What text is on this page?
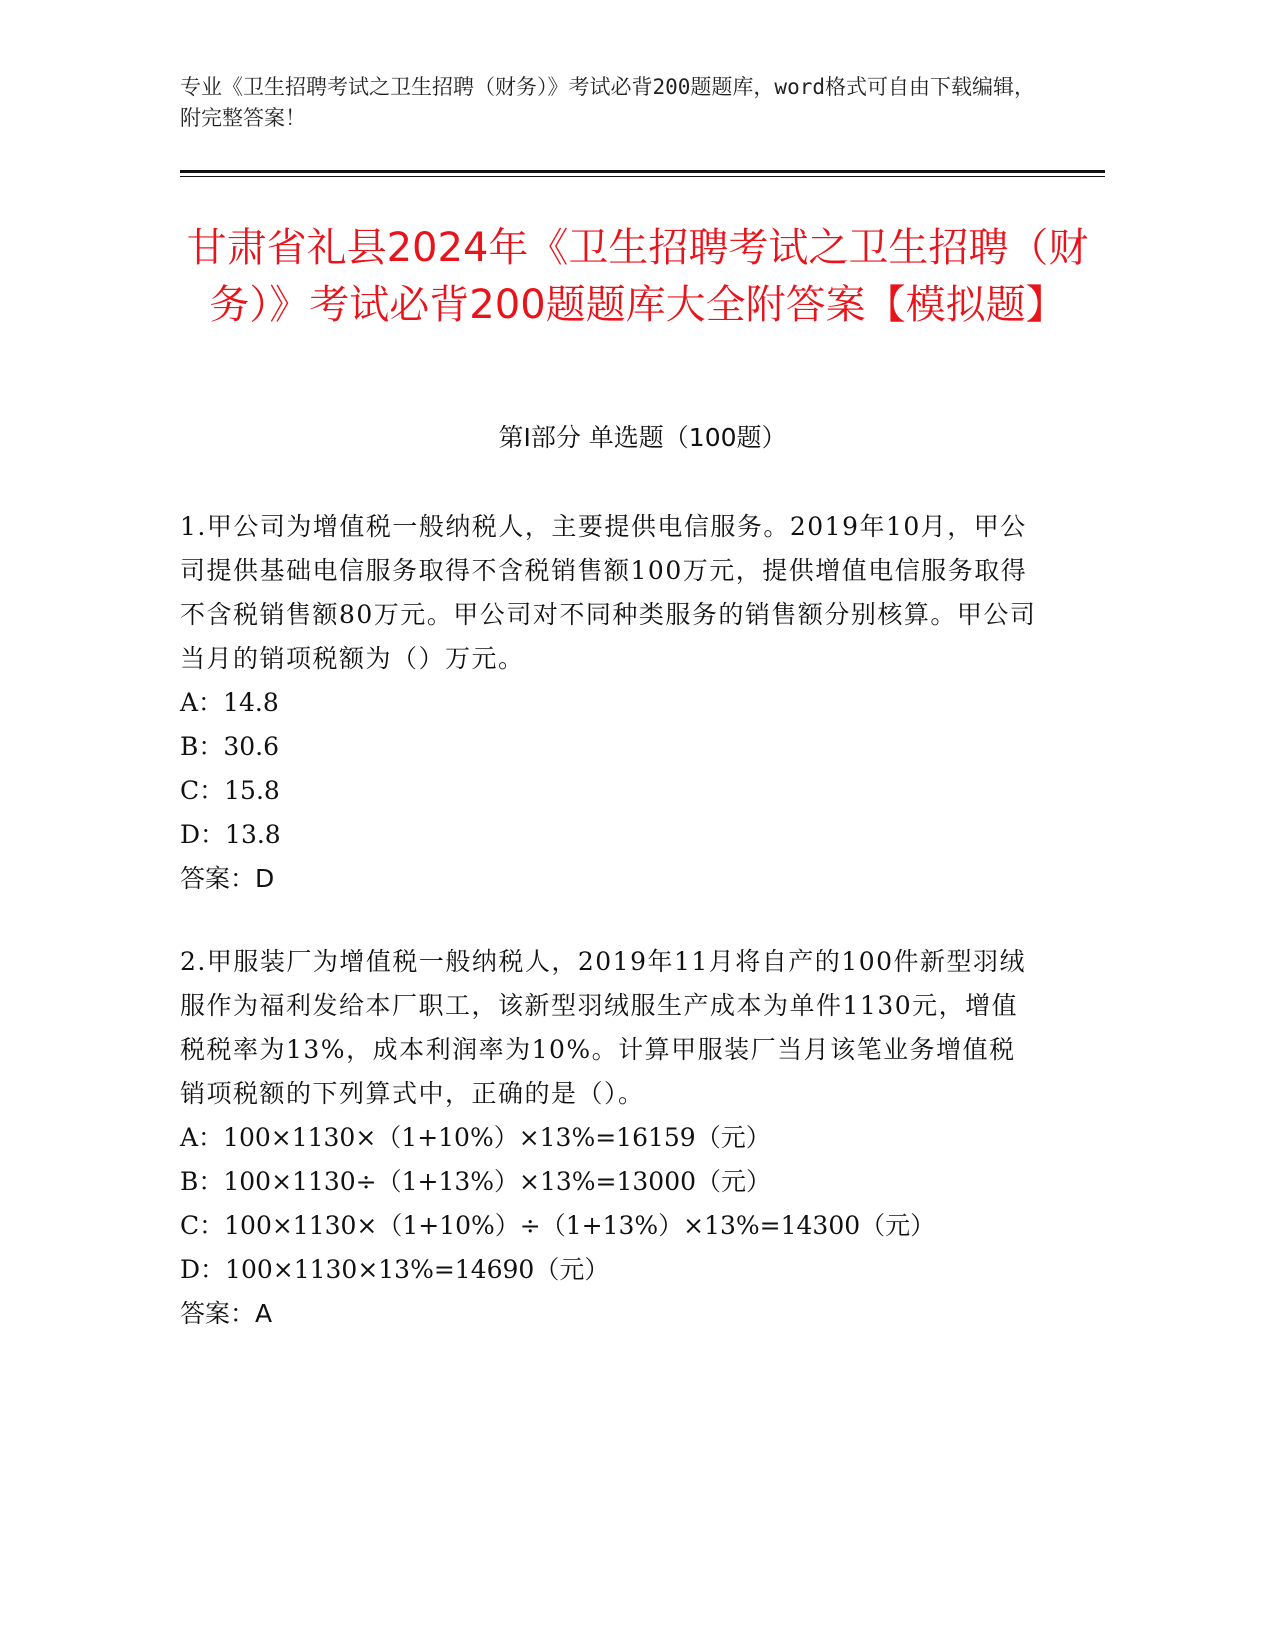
专业《卫生招聘考试之卫生招聘（财务）》考试必背200题题库，word格式可自由下载编辑，附完整答案！
甘肃省礼县2024年《卫生招聘考试之卫生招聘（财务）》考试必背200题题库大全附答案【模拟题】
第Ⅰ部分 单选题（100题）

1.甲公司为增值税一般纳税人，主要提供电信服务。2019年10月，甲公司提供基础电信服务取得不含税销售额100万元，提供增值电信服务取得不含税销售额80万元。甲公司对不同种类服务的销售额分别核算。甲公司当月的销项税额为（）万元。

A：14.8

B：30.6

C：15.8

D：13.8

答案：D

2.甲服装厂为增值税一般纳税人，2019年11月将自产的100件新型羽绒服作为福利发给本厂职工，该新型羽绒服生产成本为单件1130元，增值税税率为13%，成本利润率为10%。计算甲服装厂当月该笔业务增值税销项税额的下列算式中，正确的是（）。

A：100×1130×（1+10%）×13%=16159（元）

B：100×1130÷（1+13%）×13%=13000（元）

C：100×1130×（1+10%）÷（1+13%）×13%=14300（元）

D：100×1130×13%=14690（元）

答案：A
